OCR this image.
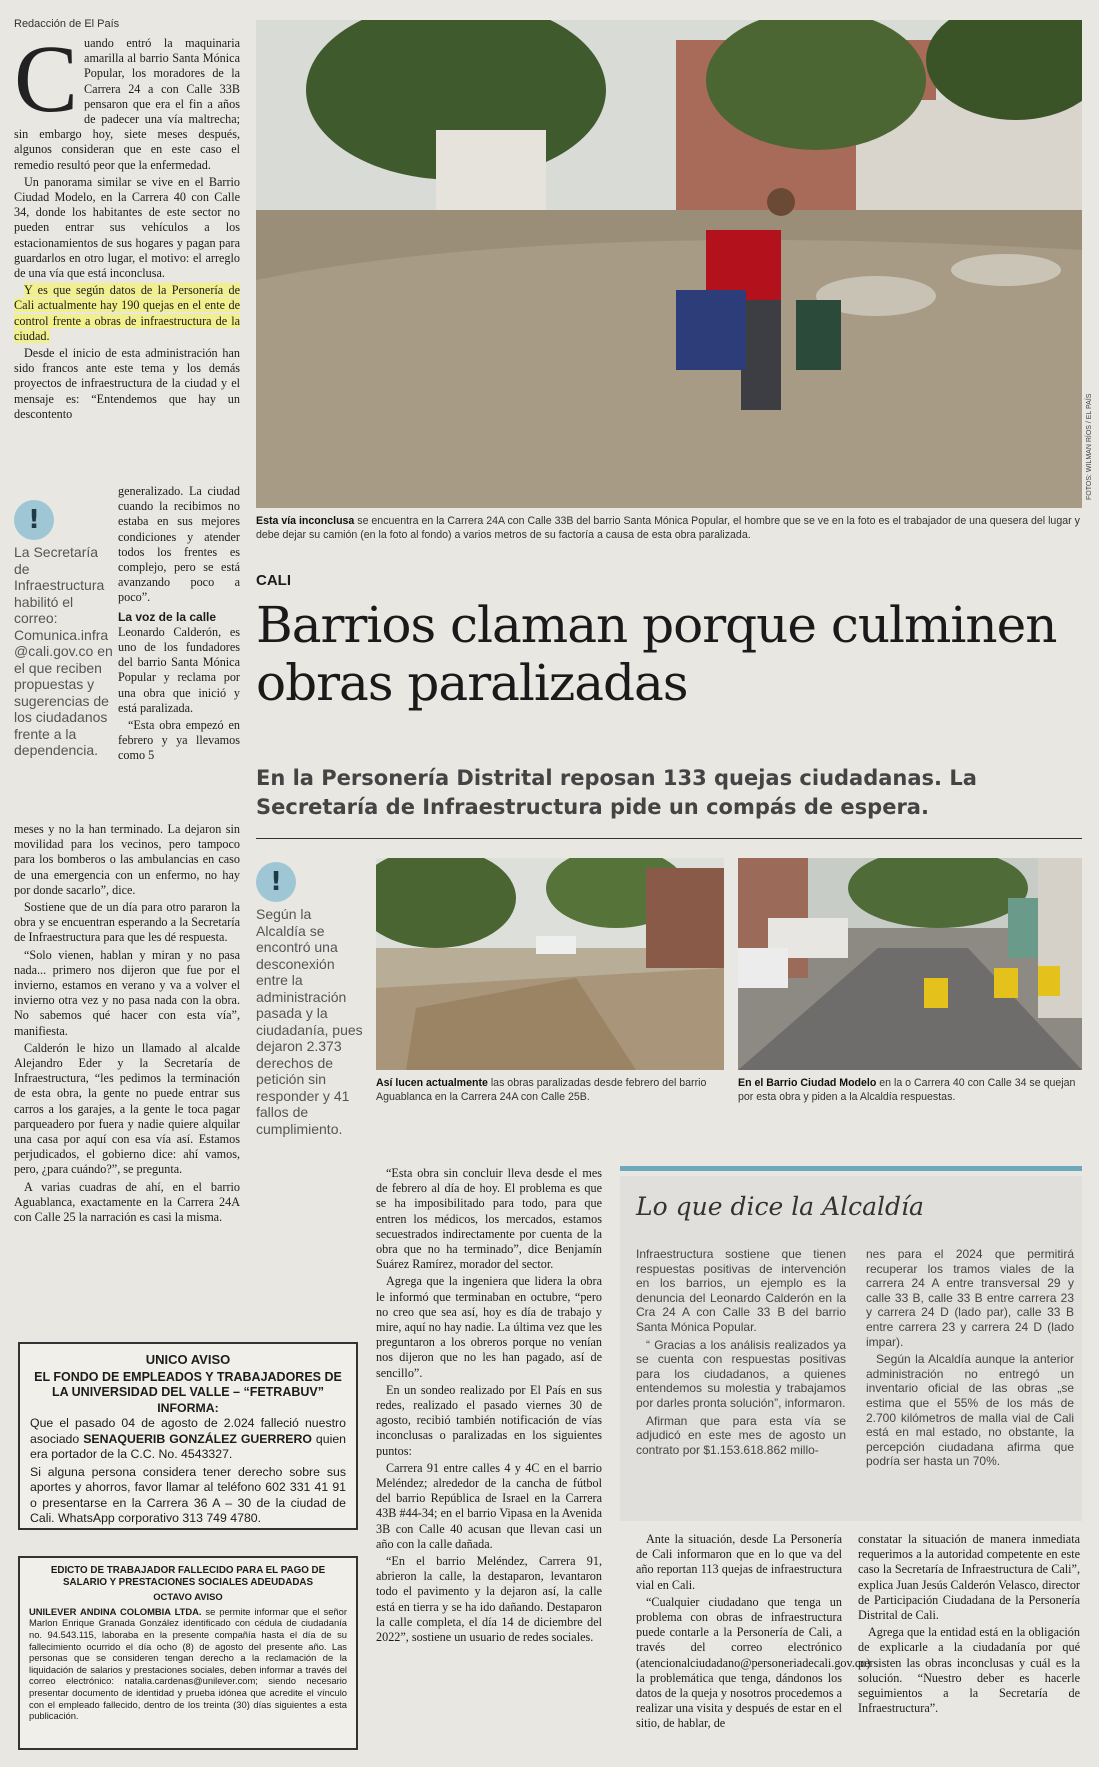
Redacción de El País
C uando entró la maquinaria amarilla al barrio Santa Mónica Popular, los moradores de la Carrera 24 a con Calle 33B pensaron que era el fin a años de padecer una vía maltrecha; sin embargo hoy, siete meses después, algunos consideran que en este caso el remedio resultó peor que la enfermedad.

Un panorama similar se vive en el Barrio Ciudad Modelo, en la Carrera 40 con Calle 34, donde los habitantes de este sector no pueden entrar sus vehículos a los estacionamientos de sus hogares y pagan para guardarlos en otro lugar, el motivo: el arreglo de una vía que está inconclusa.

Y es que según datos de la Personería de Cali actualmente hay 190 quejas en el ente de control frente a obras de infraestructura de la ciudad.

Desde el inicio de esta administración han sido francos ante este tema y los demás proyectos de infraestructura de la ciudad y el mensaje es: “Entendemos que hay un descontento

generalizado. La ciudad cuando la recibimos no estaba en sus mejores condiciones y atender todos los frentes es complejo, pero se está avanzando poco a poco”.

La voz de la calle

Leonardo Calderón, es uno de los fundadores del barrio Santa Mónica Popular y reclama por una obra que inició y está paralizada.

“Esta obra empezó en febrero y ya llevamos como 5

!
La Secretaría de Infraestructura habilitó el correo: Comunica.infra @cali.gov.co en el que reciben propuestas y sugerencias de los ciudadanos frente a la dependencia.

meses y no la han terminado. La dejaron sin movilidad para los vecinos, pero tampoco para los bomberos o las ambulancias en caso de una emergencia con un enfermo, no hay por donde sacarlo”, dice.

Sostiene que de un día para otro pararon la obra y se encuentran esperando a la Secretaría de Infraestructura para que les dé respuesta.

“Solo vienen, hablan y miran y no pasa nada... primero nos dijeron que fue por el invierno, estamos en verano y va a volver el invierno otra vez y no pasa nada con la obra. No sabemos qué hacer con esta vía”, manifiesta.

Calderón le hizo un llamado al alcalde Alejandro Eder y la Secretaría de Infraestructura, “les pedimos la terminación de esta obra, la gente no puede entrar sus carros a los garajes, a la gente le toca pagar parqueadero por fuera y nadie quiere alquilar una casa por aquí con esa vía así. Estamos perjudicados, el gobierno dice: ahí vamos, pero, ¿para cuándo?”, se pregunta.

A varias cuadras de ahí, en el barrio Aguablanca, exactamente en la Carrera 24A con Calle 25 la narración es casi la misma.

FOTOS: WILMAN RÍOS / EL PAÍS
Esta vía inconclusa se encuentra en la Carrera 24A con Calle 33B del barrio Santa Mónica Popular, el hombre que se ve en la foto es el trabajador de una quesera del lugar y debe dejar su camión (en la foto al fondo) a varios metros de su factoría a causa de esta obra paralizada.
CALI
Barrios claman porque culminen obras paralizadas
En la Personería Distrital reposan 133 quejas ciudadanas. La Secretaría de Infraestructura pide un compás de espera.
!
Según la Alcaldía se encontró una desconexión entre la administración pasada y la ciudadanía, pues dejaron 2.373 derechos de petición sin responder y 41 fallos de cumplimiento.
Así lucen actualmente las obras paralizadas desde febrero del barrio Aguablanca en la Carrera 24A con Calle 25B.
En el Barrio Ciudad Modelo en la o Carrera 40 con Calle 34 se quejan por esta obra y piden a la Alcaldía respuestas.

“Esta obra sin concluir lleva desde el mes de febrero al día de hoy. El problema es que se ha imposibilitado para todo, para que entren los médicos, los mercados, estamos secuestrados indirectamente por cuenta de la obra que no ha terminado”, dice Benjamín Suárez Ramírez, morador del sector.

Agrega que la ingeniera que lidera la obra le informó que terminaban en octubre, “pero no creo que sea así, hoy es día de trabajo y mire, aquí no hay nadie. La última vez que les preguntaron a los obreros porque no venían nos dijeron que no les han pagado, así de sencillo”.

En un sondeo realizado por El País en sus redes, realizado el pasado viernes 30 de agosto, recibió también notificación de vías inconclusas o paralizadas en los siguientes puntos:

Carrera 91 entre calles 4 y 4C en el barrio Meléndez; alrededor de la cancha de fútbol del barrio República de Israel en la Carrera 43B #44-34; en el barrio Vipasa en la Avenida 3B con Calle 40 acusan que llevan casi un año con la calle dañada.

“En el barrio Meléndez, Carrera 91, abrieron la calle, la destaparon, levantaron todo el pavimento y la dejaron así, la calle está en tierra y se ha ido dañando. Destaparon la calle completa, el día 14 de diciembre del 2022”, sostiene un usuario de redes sociales.

Lo que dice la Alcaldía

Infraestructura sostiene que tienen respuestas positivas de intervención en los barrios, un ejemplo es la denuncia del Leonardo Calderón en la Cra 24 A con Calle 33 B del barrio Santa Mónica Popular.

“ Gracias a los análisis realizados ya se cuenta con respuestas positivas para los ciudadanos, a quienes entendemos su molestia y trabajamos por darles pronta solución”, informaron.

Afirman que para esta vía se adjudicó en este mes de agosto un contrato por $1.153.618.862 millo-

nes para el 2024 que permitirá recuperar los tramos viales de la carrera 24 A entre transversal 29 y calle 33 B, calle 33 B entre carrera 23 y carrera 24 D (lado par), calle 33 B entre carrera 23 y carrera 24 D (lado impar).

Según la Alcaldía aunque la anterior administración no entregó un inventario oficial de las obras „se estima que el 55% de los más de 2.700 kilómetros de malla vial de Cali está en mal estado, no obstante, la percepción ciudadana afirma que podría ser hasta un 70%.

Ante la situación, desde La Personería de Cali informaron que en lo que va del año reportan 113 quejas de infraestructura vial en Cali.

“Cualquier ciudadano que tenga un problema con obras de infraestructura puede contarle a la Personería de Cali, a través del correo electrónico (atencionalciudadano@personeriadecali.gov.co) la problemática que tenga, dándonos los datos de la queja y nosotros procedemos a realizar una visita y después de estar en el sitio, de hablar, de

constatar la situación de manera inmediata requerimos a la autoridad competente en este caso la Secretaría de Infraestructura de Cali”, explica Juan Jesús Calderón Velasco, director de Participación Ciudadana de la Personería Distrital de Cali.

Agrega que la entidad está en la obligación de explicarle a la ciudadanía por qué persisten las obras inconclusas y cuál es la solución. “Nuestro deber es hacerle seguimientos a la Secretaría de Infraestructura”.

UNICO AVISO
EL FONDO DE EMPLEADOS Y TRABAJADORES DE LA UNIVERSIDAD DEL VALLE – “FETRABUV”
INFORMA:
Que el pasado 04 de agosto de 2.024 falleció nuestro asociado SENAQUERIB GONZÁLEZ GUERRERO quien era portador de la C.C. No. 4543327.
Si alguna persona considera tener derecho sobre sus aportes y ahorros, favor llamar al teléfono 602 331 41 91 o presentarse en la Carrera 36 A – 30 de la ciudad de Cali. WhatsApp corporativo 313 749 4780.
EDICTO DE TRABAJADOR FALLECIDO PARA EL PAGO DE SALARIO Y PRESTACIONES SOCIALES ADEUDADAS
OCTAVO AVISO
UNILEVER ANDINA COLOMBIA LTDA. se permite informar que el señor Marlon Enrique Granada González identificado con cédula de ciudadanía no. 94.543.115, laboraba en la presente compañía hasta el día de su fallecimiento ocurrido el día ocho (8) de agosto del presente año. Las personas que se consideren tengan derecho a la reclamación de la liquidación de salarios y prestaciones sociales, deben informar a través del correo electrónico: natalia.cardenas@unilever.com; siendo necesario presentar documento de identidad y prueba idónea que acredite el vínculo con el empleado fallecido, dentro de los treinta (30) días siguientes a esta publicación.
